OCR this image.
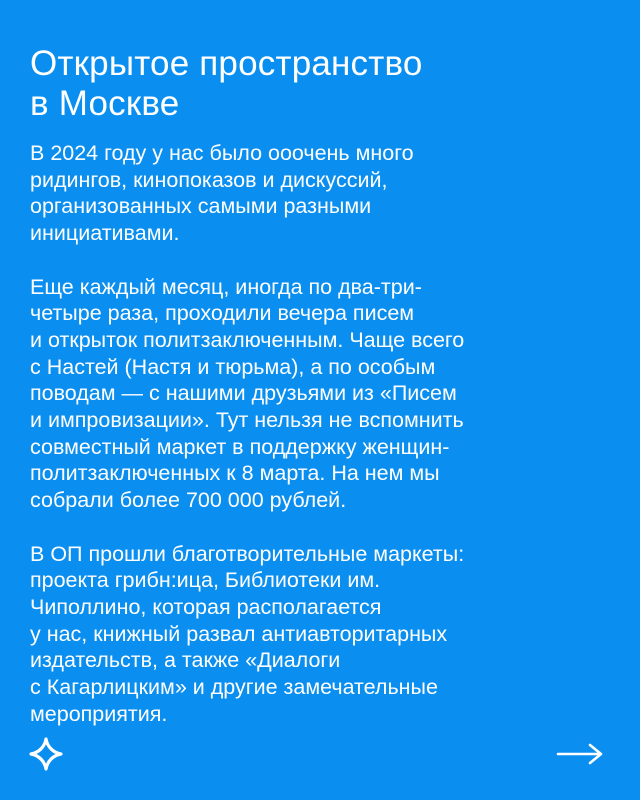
Открытое пространство
в Москве

В 2024 году у нас было ооочень много
ридингов, кинопоказов и дискуссий,
организованных самыми разными
инициативами.

Еще каждый месяц, иногда по два-три-
четыре раза, проходили вечера писем
и открыток политзаключенным. Чаще всего
с Настей (Настя и тюрьма), а по особым
поводам — с нашими друзьями из «Писем
и импровизации». Тут нельзя не вспомнить
совместный маркет в поддержку женщин-
политзаключенных к 8 марта. На нем мы
собрали более 700 000 рублей.

В ОП прошли благотворительные маркеты:
проекта грибн:ица, Библиотеки им.
Чиполлино, которая располагается
у нас, книжный развал антиавторитарных
издательств, а также «Диалоги
с Кагарлицким» и другие замечательные
мероприятия.
